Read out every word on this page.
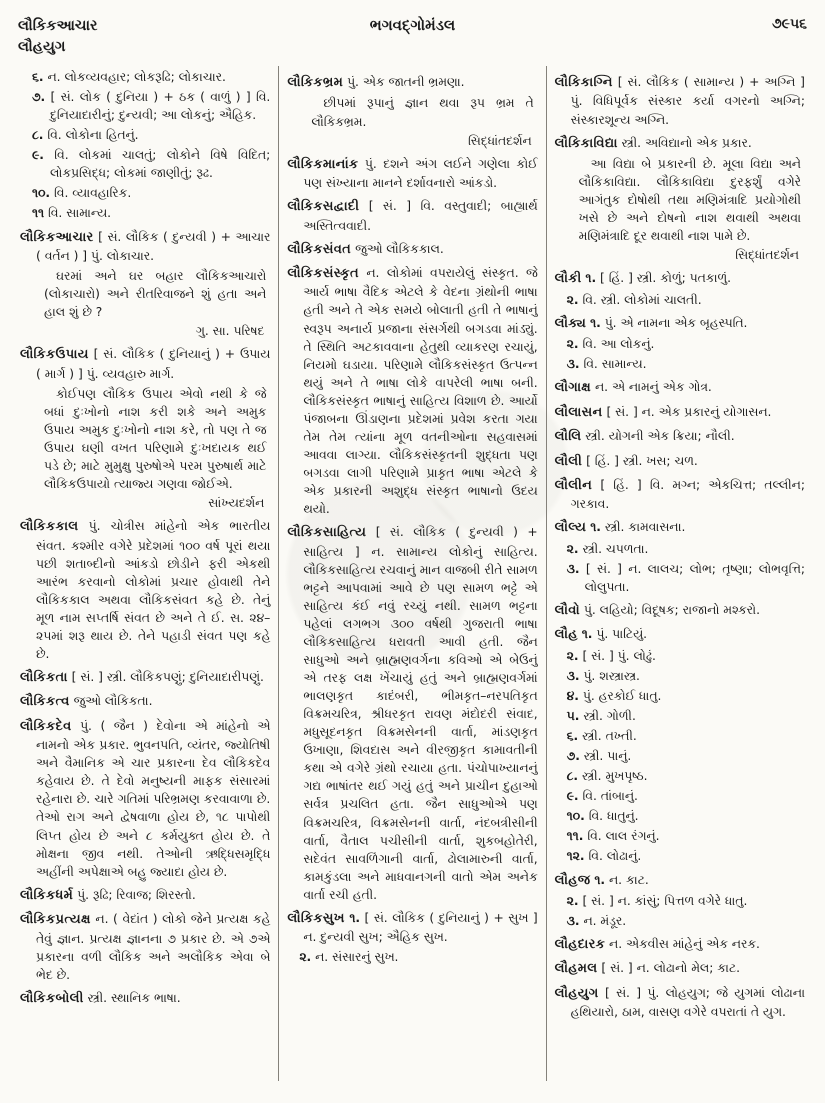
લૌકિકઆચાર
લૌહયુગ
ભગવદ્ગોમંડલ	૭૯૫૬

૬. ન. લોકવ્યવહાર; લોકરૂઢિ; લોકાચાર.

૭. [ સં. લોક ( દુનિયા ) + ઠક ( વાળું ) ] વિ. દુનિયાદારીનું; દુન્યવી; આ લોકનું; ઐહિક.

૮. વિ. લોકોના હિતનું.

૯. વિ. લોકમાં ચાલતું; લોકોને વિષે વિદિત; લોકપ્રસિદ્ધ; લોકમાં જાણીતું; રૂઢ.

૧૦. વિ. વ્યાવહારિક.

૧૧ વિ. સામાન્ય.

લૌકિકઆચાર [ સં. લૌકિક ( દુન્યવી ) + આચાર ( વર્તન ) ] પું. લોકાચાર.

ઘરમાં અને ઘર બહાર લૌકિકઆચારો (લોકાચારો) અને રીતરિવાજને શું હતા અને હાલ શું છે ?

ગુ. સા. પરિષદ

લૌકિકઉપાય [ સં. લૌકિક ( દુનિયાનું ) + ઉપાય ( માર્ગ ) ] પું. વ્યવહારુ માર્ગ.

કોઈપણ લૌકિક ઉપાય એવો નથી કે જે બધાં દુઃખોનો નાશ કરી શકે અને અમુક ઉપાય અમુક દુઃખોનો નાશ કરે, તો પણ તે જ ઉપાય ઘણી વખત પરિણામે દુઃખદાયક થઈ પડે છે; માટે મુમુક્ષુ પુરુષોએ પરમ પુરુષાર્થ માટે લૌકિકઉપાયો ત્યાજ્ય ગણવા જોઈએ.

સાંખ્યદર્શન

લૌકિકકાલ પું. ચોત્રીસ માંહેનો એક ભારતીય સંવત. કશ્મીર વગેરે પ્રદેશમાં ૧૦૦ વર્ષ પૂરાં થયા પછી શતાબ્દીનો આંકડો છોડીને ફરી એકથી આરંભ કરવાનો લોકોમાં પ્રચાર હોવાથી તેને લૌકિકકાલ અથવા લૌકિકસંવત કહે છે. તેનું મૂળ નામ સપ્તર્ષિ સંવત છે અને તે ઈ. સ. ૨૪–૨૫માં શરૂ થાય છે. તેને પહાડી સંવત પણ કહે છે.

લૌકિકતા [ સં. ] સ્ત્રી. લૌકિકપણું; દુનિયાદારીપણું.

લૌકિકત્વ જુઓ લૌકિકતા.

લૌકિકદેવ પું. ( જૈન ) દેવોના એ માંહેનો એ નામનો એક પ્રકાર. ભુવનપતિ, વ્યંતર, જ્યોતિષી અને વૈમાનિક એ ચાર પ્રકારના દેવ લૌકિકદેવ કહેવાય છે. તે દેવો મનુષ્યની માફક સંસારમાં રહેનારા છે. ચારે ગતિમાં પરિભ્રમણ કરવાવાળા છે. તેઓ રાગ અને દ્વેષવાળા હોય છે, ૧૮ પાપોથી લિપ્ત હોય છે અને ૮ કર્મયુક્ત હોય છે. તે મોક્ષના જીવ નથી. તેઓની ઋદ્ધિસમૃદ્ધિ અહીંની અપેક્ષાએ બહુ જ્યાદા હોય છે.

લૌકિકધર્મ પું. રૂઢિ; રિવાજ; શિરસ્તો.

લૌકિકપ્રત્યક્ષ ન. ( વેદાંત ) લોકો જેને પ્રત્યક્ષ કહે તેવું જ્ઞાન. પ્રત્યક્ષ જ્ઞાનના ૭ પ્રકાર છે. એ ૭એ પ્રકારના વળી લૌકિક અને અલૌકિક એવા બે ભેદ છે.

લૌકિકબોલી સ્ત્રી. સ્થાનિક ભાષા.

લૌકિકભ્રમ પું. એક જાતની ભ્રમણા.

છીપમાં રૂપાનું જ્ઞાન થવા રૂપ ભ્રમ તે લૌકિકભ્રમ.

સિદ્ધાંતદર્શન

લૌકિકમાનાંક પું. દશને અંગ લઈને ગણેલા કોઈ પણ સંખ્યાના માનને દર્શાવનારો આંકડો.

લૌકિકસદ્વાદી [ સં. ] વિ. વસ્તુવાદી; બાહ્યાર્થ અસ્તિત્વવાદી.

લૌકિકસંવત જુઓ લૌકિકકાલ.

લૌકિકસંસ્કૃત ન. લોકોમાં વપરાયેલું સંસ્કૃત. જે આર્ય ભાષા વૈદિક એટલે કે વેદના ગ્રંથોની ભાષા હતી અને તે એક સમયે બોલાતી હતી તે ભાષાનું સ્વરૂપ અનાર્ય પ્રજાના સંસર્ગથી બગડવા માંડ્યું. તે સ્થિતિ અટકાવવાના હેતુથી વ્યાકરણ રચાયું, નિયમો ઘડાયા. પરિણામે લૌકિકસંસ્કૃત ઉત્પન્ન થયું અને તે ભાષા લોકે વાપરેલી ભાષા બની. લૌકિકસંસ્કૃત ભાષાનું સાહિત્ય વિશાળ છે. આર્યો પંજાબના ઊંડાણના પ્રદેશમાં પ્રવેશ કરતા ગયા તેમ તેમ ત્યાંના મૂળ વતનીઓના સહવાસમાં આવવા લાગ્યા. લૌકિકસંસ્કૃતની શુદ્ધતા પણ બગડવા લાગી પરિણામે પ્રાકૃત ભાષા એટલે કે એક પ્રકારની અશુદ્ધ સંસ્કૃત ભાષાનો ઉદય થયો.

લૌકિકસાહિત્ય [ સં. લૌકિક ( દુન્યવી ) + સાહિત્ય ] ન. સામાન્ય લોકોનું સાહિત્ય. લૌકિકસાહિત્ય રચવાનું માન વાજબી રીતે સામળ ભટ્ટને આપવામાં આવે છે પણ સામળ ભટ્ટે એ સાહિત્ય કંઈ નવું રચ્યું નથી. સામળ ભટ્ટના પહેલાં લગભગ ૩૦૦ વર્ષથી ગુજરાતી ભાષા લૌકિકસાહિત્ય ધરાવતી આવી હતી. જૈન સાધુઓ અને બ્રાહ્મણવર્ગના કવિઓ એ બેઉનું એ તરફ લક્ષ ખેંચાયું હતું અને બ્રાહ્મણવર્ગમાં ભાલણકૃત કાદંબરી, ભીમકૃત–નરપતિકૃત વિક્રમચરિત્ર, શ્રીધરકૃત રાવણ મંદોદરી સંવાદ, મધુસૂદનકૃત વિક્રમસેનની વાર્તા, માંડણકૃત ઉખાણા, શિવદાસ અને વીરજીકૃત કામાવતીની કથા એ વગેરે ગ્રંથો રચાયા હતા. પંચોપાખ્યાનનું ગદ્ય ભાષાંતર થઈ ગયું હતું અને પ્રાચીન દુહાઓ સર્વત્ર પ્રચલિત હતા. જૈન સાધુઓએ પણ વિક્રમચરિત્ર, વિક્રમસેનની વાર્તા, નંદબત્રીસીની વાર્તા, વૈતાલ પચીસીની વાર્તા, શુકબહોતેરી, સદેવંત સાવળિંગાની વાર્તા, ઢોલામારુની વાર્તા, કામકુંડલા અને માધવાનગની વાતો એમ અનેક વાર્તા રચી હતી.

લૌકિકસુખ ૧. [ સં. લૌકિક ( દુનિયાનું ) + સુખ ] ન. દુન્યવી સુખ; ઐહિક સુખ.

૨. ન. સંસારનું સુખ.

લૌકિકાગ્નિ [ સં. લૌકિક ( સામાન્ય ) + અગ્નિ ] પું. વિધિપૂર્વક સંસ્કાર કર્યા વગરનો અગ્નિ; સંસ્કારશૂન્ય અગ્નિ.

લૌકિકાવિદ્યા સ્ત્રી. અવિદ્યાનો એક પ્રકાર.

આ વિદ્યા બે પ્રકારની છે. મૂલા વિદ્યા અને લૌકિકાવિદ્યા. લૌકિકાવિદ્યા દુરફર્શું વગેરે આગંતુક દોષોથી તથા મણિમંત્રાદિ પ્રયોગોથી ખસે છે અને દોષનો નાશ થવાથી અથવા મણિમંત્રાદિ દૂર થવાથી નાશ પામે છે.

સિદ્ધાંતદર્શન

લૌકી ૧. [ હિં. ] સ્ત્રી. કોળું; પતકાળું.

૨. વિ. સ્ત્રી. લોકોમાં ચાલતી.

લૌક્ય ૧. પું. એ નામના એક બૃહસ્પતિ.

૨. વિ. આ લોકનું.

૩. વિ. સામાન્ય.

લૌગાક્ષ ન. એ નામનું એક ગોત્ર.

લૌલાસન [ સં. ] ન. એક પ્રકારનું યોગાસન.

લૌલિ સ્ત્રી. યોગની એક ક્રિયા; નૌલી.

લૌલી [ હિં. ] સ્ત્રી. ખસ; ચળ.

લૌલીન [ હિં. ] વિ. મગ્ન; એકચિત્ત; તલ્લીન; ગરકાવ.

લૌલ્ય ૧. સ્ત્રી. કામવાસના.

૨. સ્ત્રી. ચપળતા.

૩. [ સં. ] ન. લાલચ; લોભ; તૃષ્ણા; લોભવૃત્તિ; લોલુપતા.

લૌવો પું. લહિયો; વિદૂષક; રાજાનો મશ્કરો.

લૌહ ૧. પું. પાટિયું.

૨. [ સં. ] પું. લોઢું.

૩. પું. શસ્ત્રાસ્ત્ર.

૪. પું. હરકોઈ ધાતુ.

૫. સ્ત્રી. ગોળી.

૬. સ્ત્રી. તખ્તી.

૭. સ્ત્રી. પાનું.

૮. સ્ત્રી. મુખપૃષ્ઠ.

૯. વિ. તાંબાનું.

૧૦. વિ. ધાતુનું.

૧૧. વિ. લાલ રંગનું.

૧૨. વિ. લોઢાનું.

લૌહજ ૧. ન. કાટ.

૨. [ સં. ] ન. કાંસું; પિત્તળ વગેરે ધાતુ.

૩. ન. મંડૂર.

લૌહદારક ન. એકવીસ માંહેનું એક નરક.

લૌહમલ [ સં. ] ન. લોઢાનો મેલ; કાટ.

લૌહયુગ [ સં. ] પું. લોહયુગ; જે યુગમાં લોઢાના હથિયારો, ઠામ, વાસણ વગેરે વપરાતાં તે યુગ.
